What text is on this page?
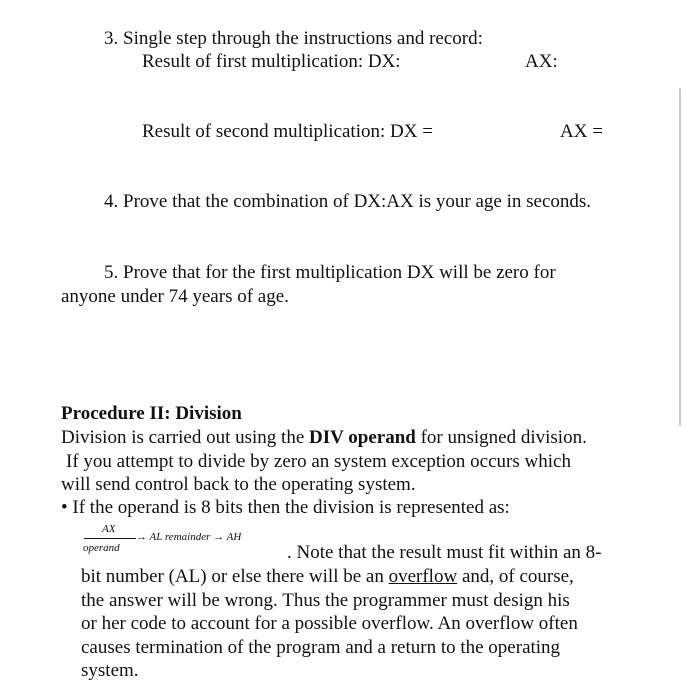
3. Single step through the instructions and record:
Result of first multiplication: DX:	AX:
Result of second multiplication: DX =	AX =
4. Prove that the combination of DX:AX is your age in seconds.
5. Prove that for the first multiplication DX will be zero for
anyone under 74 years of age.
Procedure II: Division
Division is carried out using the DIV operand for unsigned division.
If you attempt to divide by zero an system exception occurs which
will send control back to the operating system.
• If the operand is 8 bits then the division is represented as:
AX
operand
→ AL remainder → AH
. Note that the result must fit within an 8-
bit number (AL) or else there will be an overflow and, of course,
the answer will be wrong. Thus the programmer must design his
or her code to account for a possible overflow. An overflow often
causes termination of the program and a return to the operating
system.
